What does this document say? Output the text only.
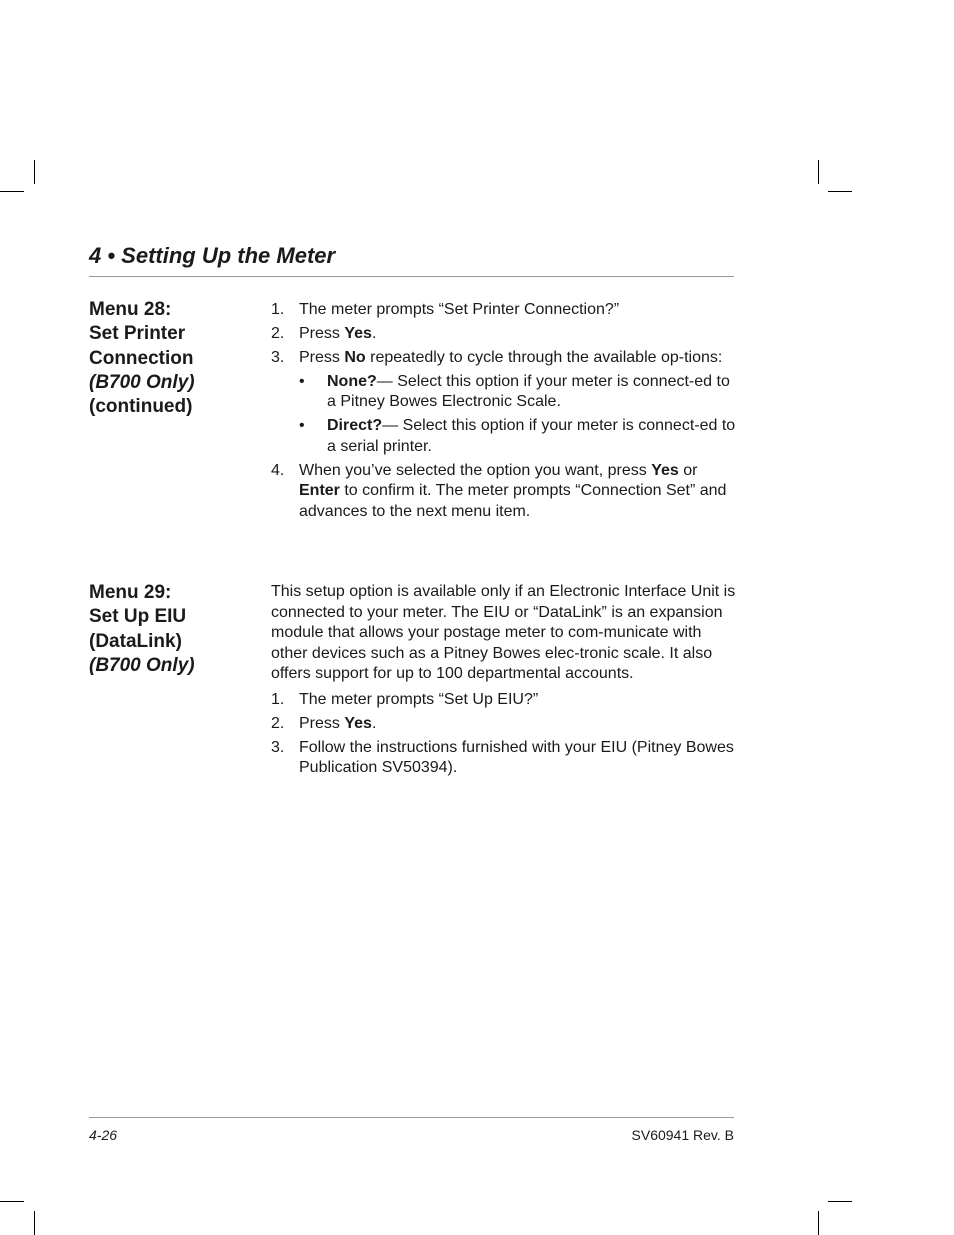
4 • Setting Up the Meter
Menu 28:
Set Printer
Connection
(B700 Only)
(continued)
1. The meter prompts “Set Printer Connection?”
2. Press Yes.
3. Press No repeatedly to cycle through the available op-tions:
• None?— Select this option if your meter is connect-ed to a Pitney Bowes Electronic Scale.
• Direct?— Select this option if your meter is connect-ed to a serial printer.
4. When you’ve selected the option you want, press Yes or Enter to confirm it. The meter prompts “Connection Set” and advances to the next menu item.
Menu 29:
Set Up EIU
(DataLink)
(B700 Only)

This setup option is available only if an Electronic Interface Unit is connected to your meter. The EIU or “DataLink” is an expansion module that allows your postage meter to com-municate with other devices such as a Pitney Bowes elec-tronic scale. It also offers support for up to 100 departmental accounts.

1. The meter prompts “Set Up EIU?”
2. Press Yes.
3. Follow the instructions furnished with your EIU (Pitney Bowes Publication SV50394).
4-26	SV60941 Rev. B
